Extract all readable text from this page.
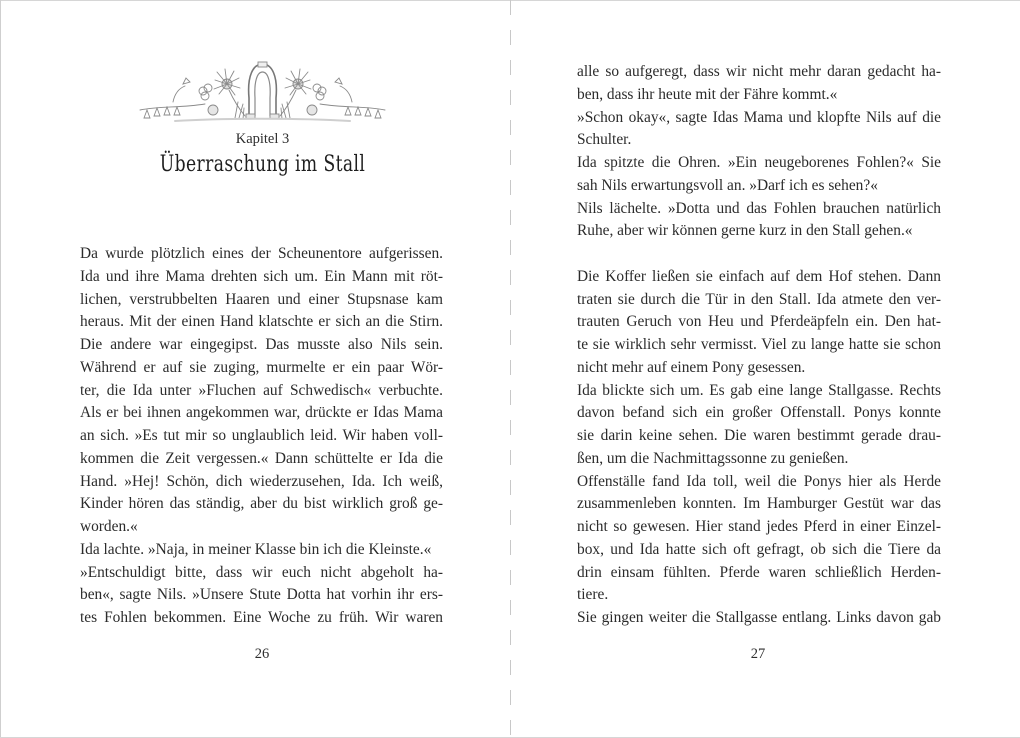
Kapitel 3
Überraschung im Stall
Da wurde plötzlich eines der Scheunentore aufgerissen.
Ida und ihre Mama drehten sich um. Ein Mann mit röt-
lichen, verstrubbelten Haaren und einer Stupsnase kam
heraus. Mit der einen Hand klatschte er sich an die Stirn.
Die andere war eingegipst. Das musste also Nils sein.
Während er auf sie zuging, murmelte er ein paar Wör-
ter, die Ida unter »Fluchen auf Schwedisch« verbuchte.
Als er bei ihnen angekommen war, drückte er Idas Mama
an sich. »Es tut mir so unglaublich leid. Wir haben voll-
kommen die Zeit vergessen.« Dann schüttelte er Ida die
Hand. »Hej! Schön, dich wiederzusehen, Ida. Ich weiß,
Kinder hören das ständig, aber du bist wirklich groß ge-
worden.«
Ida lachte. »Naja, in meiner Klasse bin ich die Kleinste.«
»Entschuldigt bitte, dass wir euch nicht abgeholt ha-
ben«, sagte Nils. »Unsere Stute Dotta hat vorhin ihr ers-
tes Fohlen bekommen. Eine Woche zu früh. Wir waren
26
alle so aufgeregt, dass wir nicht mehr daran gedacht ha-
ben, dass ihr heute mit der Fähre kommt.«
»Schon okay«, sagte Idas Mama und klopfte Nils auf die
Schulter.
Ida spitzte die Ohren. »Ein neugeborenes Fohlen?« Sie
sah Nils erwartungsvoll an. »Darf ich es sehen?«
Nils lächelte. »Dotta und das Fohlen brauchen natürlich
Ruhe, aber wir können gerne kurz in den Stall gehen.«
Die Koffer ließen sie einfach auf dem Hof stehen. Dann
traten sie durch die Tür in den Stall. Ida atmete den ver-
trauten Geruch von Heu und Pferdeäpfeln ein. Den hat-
te sie wirklich sehr vermisst. Viel zu lange hatte sie schon
nicht mehr auf einem Pony gesessen.
Ida blickte sich um. Es gab eine lange Stallgasse. Rechts
davon befand sich ein großer Offenstall. Ponys konnte
sie darin keine sehen. Die waren bestimmt gerade drau-
ßen, um die Nachmittagssonne zu genießen.
Offenställe fand Ida toll, weil die Ponys hier als Herde
zusammenleben konnten. Im Hamburger Gestüt war das
nicht so gewesen. Hier stand jedes Pferd in einer Einzel-
box, und Ida hatte sich oft gefragt, ob sich die Tiere da
drin einsam fühlten. Pferde waren schließlich Herden-
tiere.
Sie gingen weiter die Stallgasse entlang. Links davon gab
27
